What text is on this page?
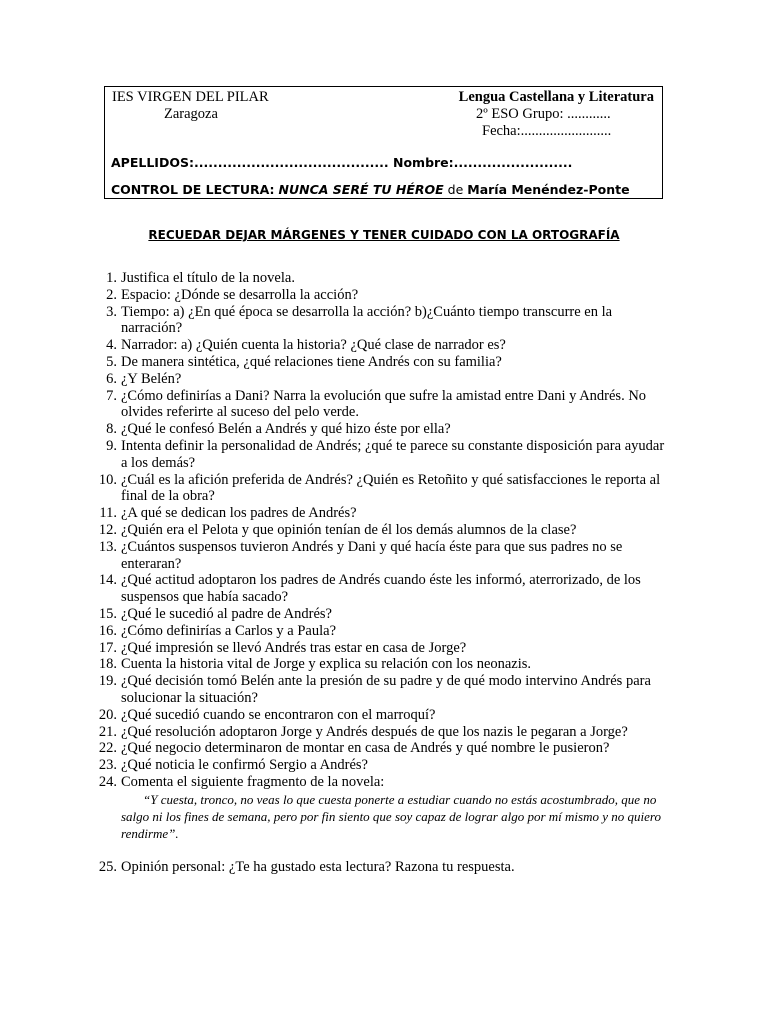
IES VIRGEN DEL PILAR
Zaragoza
Lengua Castellana y Literatura
2º ESO Grupo: ............
Fecha:.........................
APELLIDOS:......................................... Nombre:.........................
CONTROL DE LECTURA: NUNCA SERÉ TU HÉROE de María Menéndez-Ponte
RECUEDAR DEJAR MÁRGENES Y TENER CUIDADO CON LA ORTOGRAFÍA
1. Justifica el título de la novela.
2. Espacio: ¿Dónde se desarrolla la acción?
3. Tiempo: a) ¿En qué época se desarrolla la acción? b)¿Cuánto tiempo transcurre en la narración?
4. Narrador: a) ¿Quién cuenta la historia? ¿Qué clase de narrador es?
5. De manera sintética, ¿qué relaciones tiene Andrés con su familia?
6. ¿Y Belén?
7. ¿Cómo definirías a Dani? Narra la evolución que sufre la amistad entre Dani y Andrés. No olvides referirte al suceso del pelo verde.
8. ¿Qué le confesó Belén a Andrés y qué hizo éste por ella?
9. Intenta definir la personalidad de Andrés; ¿qué te parece su constante disposición para ayudar a los demás?
10. ¿Cuál es la afición preferida de Andrés? ¿Quién es Retoñito y qué satisfacciones le reporta al final de la obra?
11. ¿A qué se dedican los padres de Andrés?
12. ¿Quién era el Pelota y que opinión tenían de él los demás alumnos de la clase?
13. ¿Cuántos suspensos tuvieron Andrés y Dani y qué hacía éste para que sus padres no se enteraran?
14. ¿Qué actitud adoptaron los padres de Andrés cuando éste les informó, aterrorizado, de los suspensos que había sacado?
15. ¿Qué le sucedió al padre de Andrés?
16. ¿Cómo definirías a Carlos y a Paula?
17. ¿Qué impresión se llevó Andrés tras estar en casa de Jorge?
18. Cuenta la historia vital de Jorge y explica su relación con los neonazis.
19. ¿Qué decisión tomó Belén ante la presión de su padre y de qué modo intervino Andrés para solucionar la situación?
20. ¿Qué sucedió cuando se encontraron con el marroquí?
21. ¿Qué resolución adoptaron Jorge y Andrés después de que los nazis le pegaran a Jorge?
22. ¿Qué negocio determinaron de montar en casa de Andrés y qué nombre le pusieron?
23. ¿Qué noticia le confirmó Sergio a Andrés?
24. Comenta el siguiente fragmento de la novela:
“Y cuesta, tronco, no veas lo que cuesta ponerte a estudiar cuando no estás acostumbrado, que no salgo ni los fines de semana, pero por fin siento que soy capaz de lograr algo por mí mismo y no quiero rendirme”.
25. Opinión personal: ¿Te ha gustado esta lectura? Razona tu respuesta.
